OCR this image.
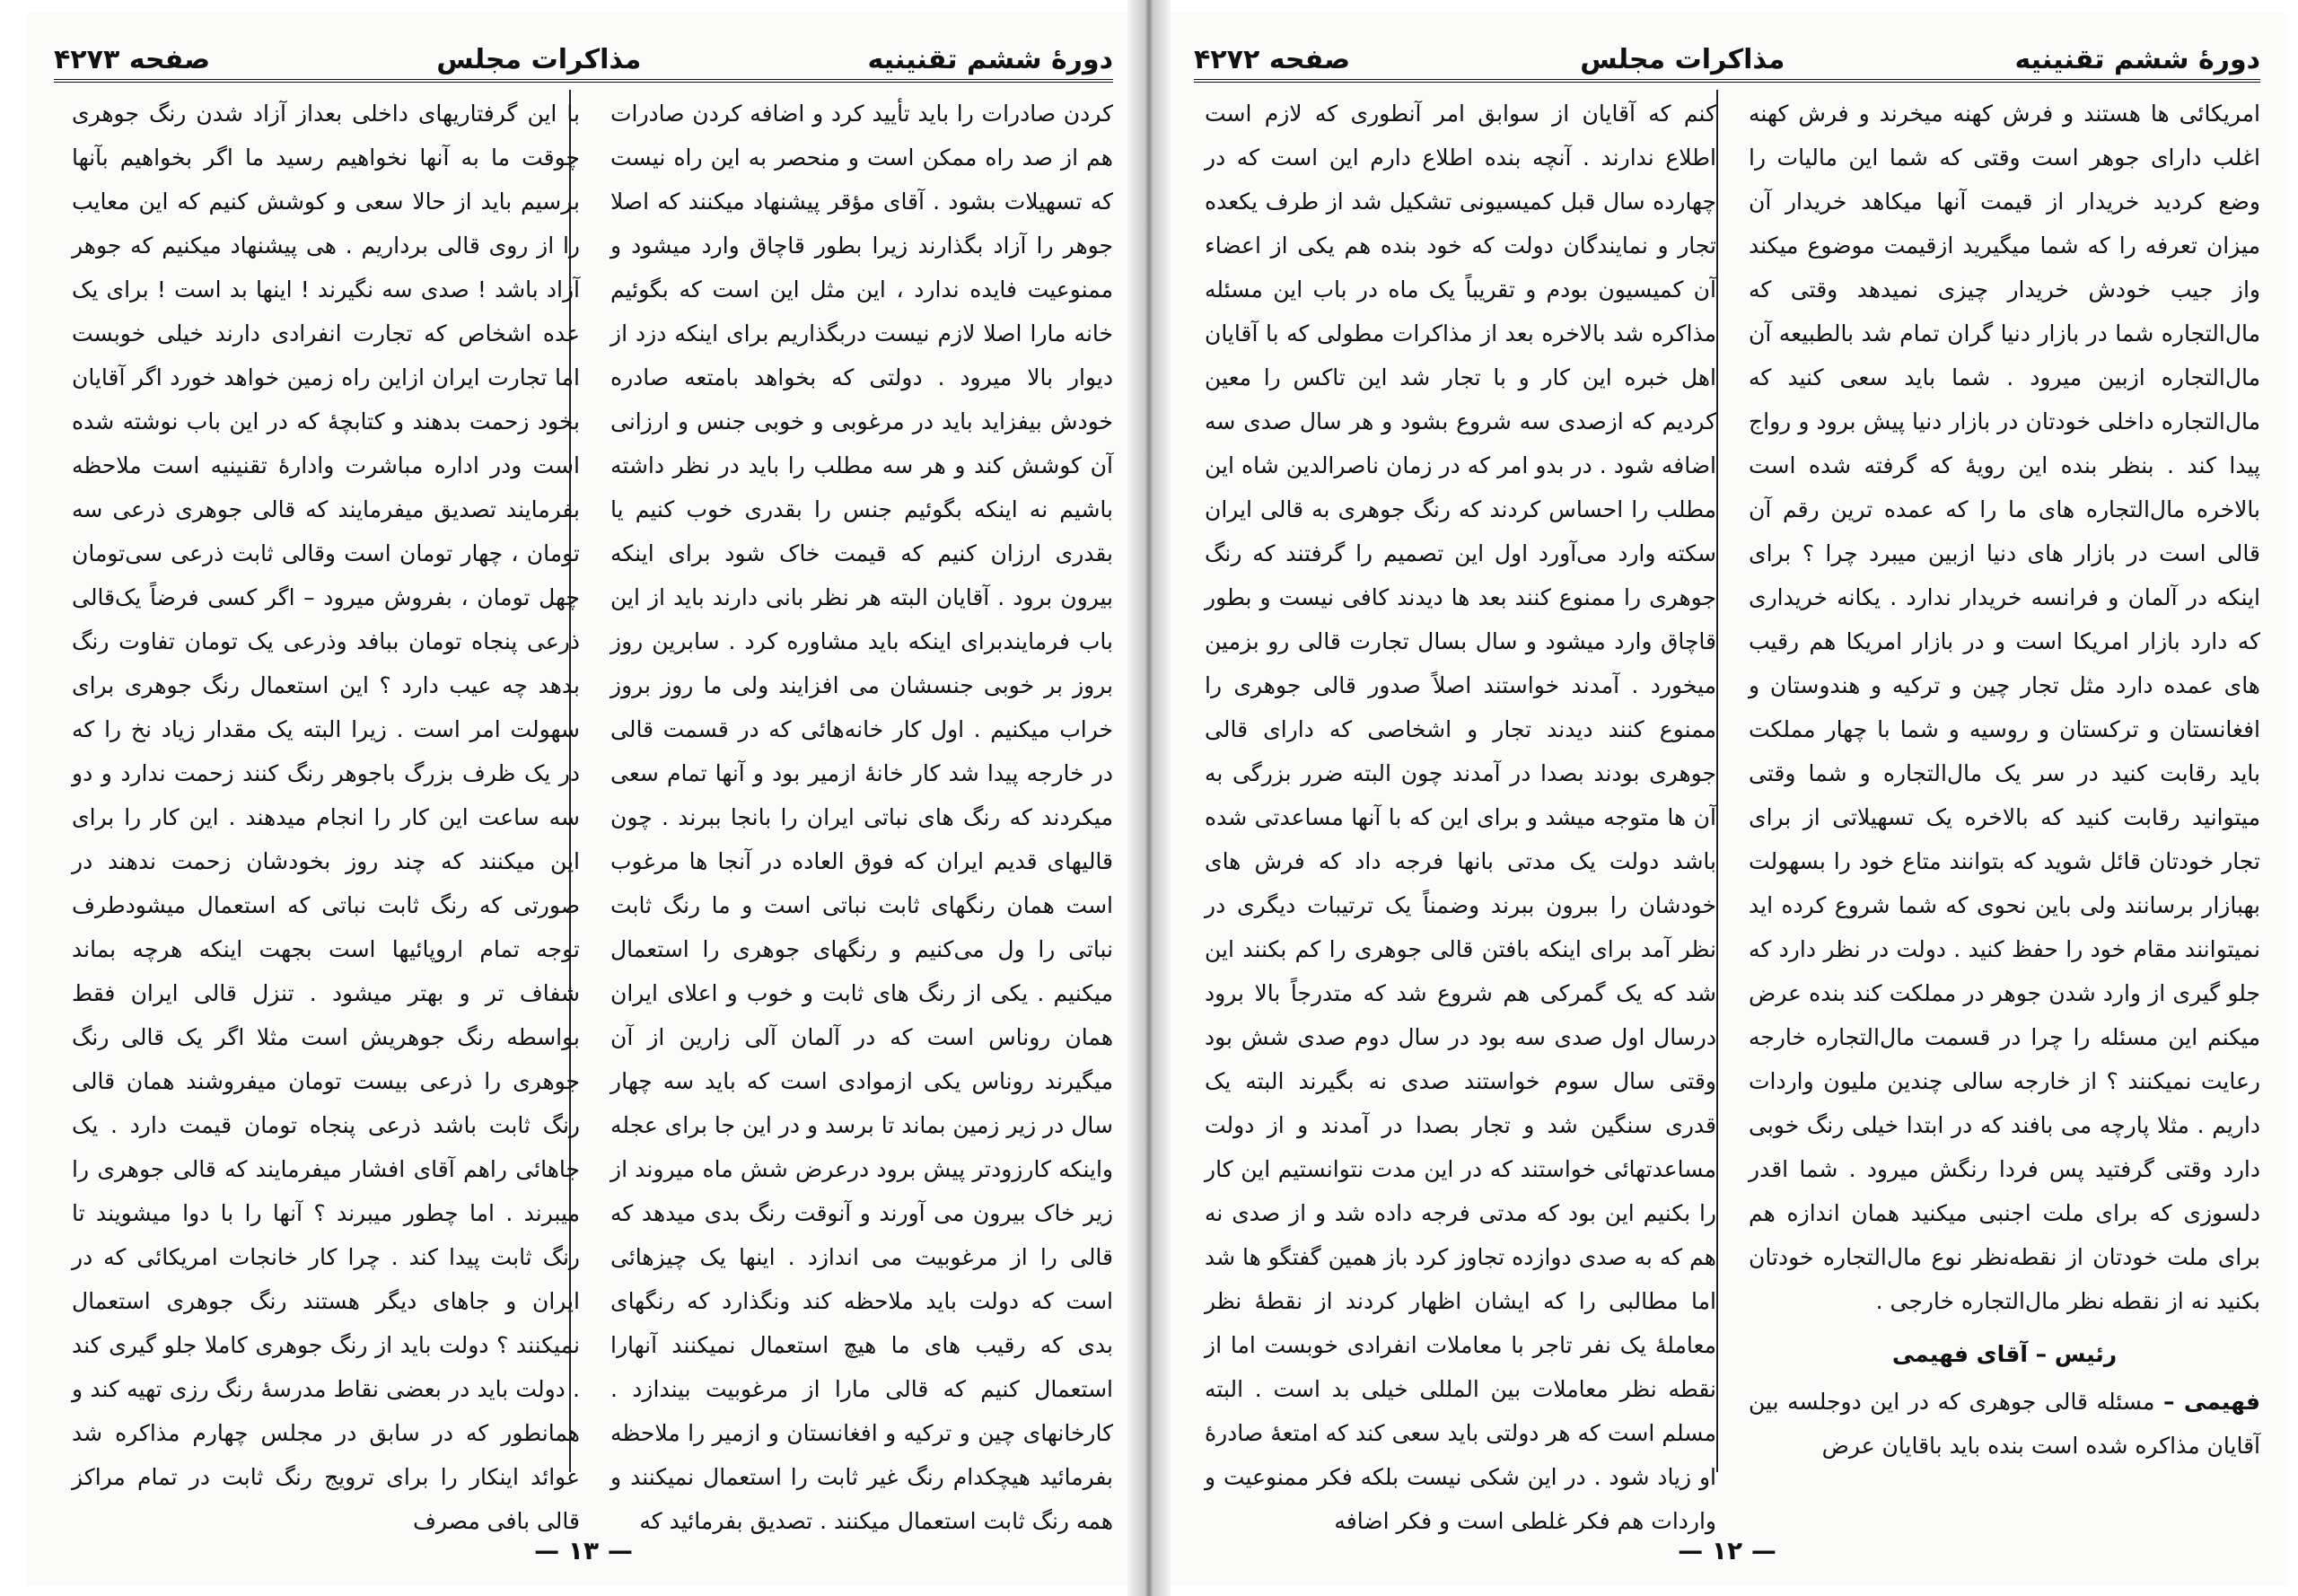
دورهٔ ششم تقنینیه
مذاکرات مجلس
صفحه ۴۲۷۲

امریکائی ها هستند و فرش کهنه میخرند و فرش کهنه اغلب دارای جوهر است وقتی که شما این مالیات را وضع کردید خریدار از قیمت آنها میکاهد خریدار آن میزان تعرفه را که شما میگیرید ازقیمت موضوع میکند واز جیب خودش خریدار چیزی نمیدهد وقتی که مال‌التجاره شما در بازار دنیا گران تمام شد بالطبیعه آن مال‌التجاره ازبین میرود . شما باید سعی کنید که مال‌التجاره داخلی خودتان در بازار دنیا پیش برود و رواج پیدا کند . بنظر بنده این رویهٔ که گرفته شده است بالاخره مال‌التجاره های ما را که عمده ترین رقم آن قالی است در بازار های دنیا ازبین میبرد چرا ؟ برای اینکه در آلمان و فرانسه خریدار ندارد . یکانه خریداری که دارد بازار امریکا است و در بازار امریکا هم رقیب های عمده دارد مثل تجار چین و ترکیه و هندوستان و افغانستان و ترکستان و روسیه و شما با چهار مملکت باید رقابت کنید در سر یک مال‌التجاره و شما وقتی میتوانید رقابت کنید که بالاخره یک تسهیلاتی از برای تجار خودتان قائل شوید که بتوانند متاع خود را بسهولت بهبازار برسانند ولی باین نحوی که شما شروع کرده اید نمیتوانند مقام خود را حفظ کنید . دولت در نظر دارد که جلو گیری از وارد شدن جوهر در مملکت کند بنده عرض میکنم این مسئله را چرا در قسمت مال‌التجاره خارجه رعایت نمیکنند ؟ از خارجه سالی چندین ملیون واردات داریم . مثلا پارچه می بافند که در ابتدا خیلی رنگ خوبی دارد وقتی گرفتید پس فردا رنگش میرود . شما اقدر دلسوزی که برای ملت اجنبی میکنید همان اندازه هم برای ملت خودتان از نقطه‌نظر نوع مال‌التجاره خودتان بکنید نه از نقطه نظر مال‌التجاره خارجی .

رئیس – آقای فهیمی

فهیمی – مسئله قالی جوهری که در این دوجلسه بین آقایان مذاکره شده است بنده باید باقایان عرض

کنم که آقایان از سوابق امر آنطوری که لازم است اطلاع ندارند . آنچه بنده اطلاع دارم این است که در چهارده سال قبل کمیسیونی تشکیل شد از طرف یکعده تجار و نمایندگان دولت که خود بنده هم یکی از اعضاء آن کمیسیون بودم و تقریباً یک ماه در باب این مسئله مذاکره شد بالاخره بعد از مذاکرات مطولی که با آقایان اهل خبره این کار و با تجار شد این تاکس را معین کردیم که ازصدی سه شروع بشود و هر سال صدی سه اضافه شود . در بدو امر که در زمان ناصرالدین شاه این مطلب را احساس کردند که رنگ جوهری به قالی ایران سکته وارد می‌آورد اول این تصمیم را گرفتند که رنگ جوهری را ممنوع کنند بعد ها دیدند کافی نیست و بطور قاچاق وارد میشود و سال بسال تجارت قالی رو بزمین میخورد . آمدند خواستند اصلاً صدور قالی جوهری را ممنوع کنند دیدند تجار و اشخاصی که دارای قالی جوهری بودند بصدا در آمدند چون البته ضرر بزرگی به آن ها متوجه میشد و برای این که با آنها مساعدتی شده باشد دولت یک مدتی بانها فرجه داد که فرش های خودشان را ببرون ببرند وضمناً یک ترتیبات دیگری در نظر آمد برای اینکه بافتن قالی جوهری را کم بکنند این شد که یک گمرکی هم شروع شد که متدرجاً بالا برود درسال اول صدی سه بود در سال دوم صدی شش بود وقتی سال سوم خواستند صدی نه بگیرند البته یک قدری سنگین شد و تجار بصدا در آمدند و از دولت مساعدتهائی خواستند که در این مدت نتوانستیم این کار را بکنیم این بود که مدتی فرجه داده شد و از صدی نه هم که به صدی دوازده تجاوز کرد باز همین گفتگو ها شد اما مطالبی را که ایشان اظهار کردند از نقطهٔ نظر معاملهٔ یک نفر تاجر با معاملات انفرادی خوبست اما از نقطه نظر معاملات بین المللی خیلی بد است . البته مسلم است که هر دولتی باید سعی کند که امتعهٔ صادرهٔ او زیاد شود . در این شکی نیست بلکه فکر ممنوعیت و واردات هم فکر غلطی است و فکر اضافه

— ۱۲ —
دورهٔ ششم تقنینیه
مذاکرات مجلس
صفحه ۴۲۷۳

کردن صادرات را باید تأیید کرد و اضافه کردن صادرات هم از صد راه ممکن است و منحصر به این راه نیست که تسهیلات بشود . آقای مؤقر پیشنهاد میکنند که اصلا جوهر را آزاد بگذارند زیرا بطور قاچاق وارد میشود و ممنوعیت فایده ندارد ، این مثل این است که بگوئیم خانه مارا اصلا لازم نیست دربگذاریم برای اینکه دزد از دیوار بالا میرود . دولتی که بخواهد بامتعه صادره خودش بیفزاید باید در مرغوبی و خوبی جنس و ارزانی آن کوشش کند و هر سه مطلب را باید در نظر داشته باشیم نه اینکه بگوئیم جنس را بقدری خوب کنیم یا بقدری ارزان کنیم که قیمت خاک شود برای اینکه بیرون برود . آقایان البته هر نظر بانی دارند باید از این باب فرمایندبرای اینکه باید مشاوره کرد . سابرین روز بروز بر خوبی جنسشان می افزایند ولی ما روز بروز خراب میکنیم . اول کار خانه‌هائی که در قسمت قالی در خارجه پیدا شد کار خانهٔ ازمیر بود و آنها تمام سعی میکردند که رنگ های نباتی ایران را بانجا ببرند . چون قالیهای قدیم ایران که فوق العاده در آنجا ها مرغوب است همان رنگهای ثابت نباتی است و ما رنگ ثابت نباتی را ول می‌کنیم و رنگهای جوهری را استعمال میکنیم . یکی از رنگ های ثابت و خوب و اعلای ایران همان روناس است که در آلمان آلی زارین از آن میگیرند روناس یکی ازموادی است که باید سه چهار سال در زیر زمین بماند تا برسد و در این جا برای عجله واینکه کارزودتر پیش برود درعرض شش ماه میروند از زیر خاک بیرون می آورند و آنوقت رنگ بدی میدهد که قالی را از مرغوبیت می اندازد . اینها یک چیزهائی است که دولت باید ملاحظه کند ونگذارد که رنگهای بدی که رقیب های ما هیچ استعمال نمیکنند آنهارا استعمال کنیم که قالی مارا از مرغوبیت بیندازد . کارخانهای چین و ترکیه و افغانستان و ازمیر را ملاحظه بفرمائید هیچکدام رنگ غیر ثابت را استعمال نمیکنند و همه رنگ ثابت استعمال میکنند . تصدیق بفرمائید که

با این گرفتاریهای داخلی بعداز آزاد شدن رنگ جوهری چوقت ما به آنها نخواهیم رسید ما اگر بخواهیم بآنها برسیم باید از حالا سعی و کوشش کنیم که این معایب را از روی قالی برداریم . هی پیشنهاد میکنیم که جوهر آزاد باشد ! صدی سه نگیرند ! اینها بد است ! برای یک عده اشخاص که تجارت انفرادی دارند خیلی خوبست اما تجارت ایران ازاین راه زمین خواهد خورد اگر آقایان بخود زحمت بدهند و کتابچهٔ که در این باب نوشته شده است ودر اداره مباشرت وادارهٔ تقنینیه است ملاحظه بفرمایند تصدیق میفرمایند که قالی جوهری ذرعی سه تومان ، چهار تومان است وقالی ثابت ذرعی سی‌تومان چهل تومان ، بفروش میرود – اگر کسی فرضاً یک‌قالی ذرعی پنجاه تومان ببافد وذرعی یک تومان تفاوت رنگ بدهد چه عیب دارد ؟ این استعمال رنگ جوهری برای سهولت امر است . زیرا البته یک مقدار زیاد نخ را که در یک ظرف بزرگ باجوهر رنگ کنند زحمت ندارد و دو سه ساعت این کار را انجام میدهند . این کار را برای این میکنند که چند روز بخودشان زحمت ندهند در صورتی که رنگ ثابت نباتی که استعمال میشودطرف توجه تمام اروپائیها است بجهت اینکه هرچه بماند شفاف تر و بهتر میشود . تنزل قالی ایران فقط بواسطه رنگ جوهریش است مثلا اگر یک قالی رنگ جوهری را ذرعی بیست تومان میفروشند همان قالی رنگ ثابت باشد ذرعی پنجاه تومان قیمت دارد . یک جاهائی راهم آقای افشار میفرمایند که قالی جوهری را میبرند . اما چطور میبرند ؟ آنها را با دوا میشویند تا رنگ ثابت پیدا کند . چرا کار خانجات امریکائی که در ایران و جاهای دیگر هستند رنگ جوهری استعمال نمیکنند ؟ دولت باید از رنگ جوهری کاملا جلو گیری کند . دولت باید در بعضی نقاط مدرسهٔ رنگ رزی تهیه کند و همانطور که در سابق در مجلس چهارم مذاکره شد عوائد اینکار را برای ترویج رنگ ثابت در تمام مراکز قالی بافی مصرف

— ۱۳ —
